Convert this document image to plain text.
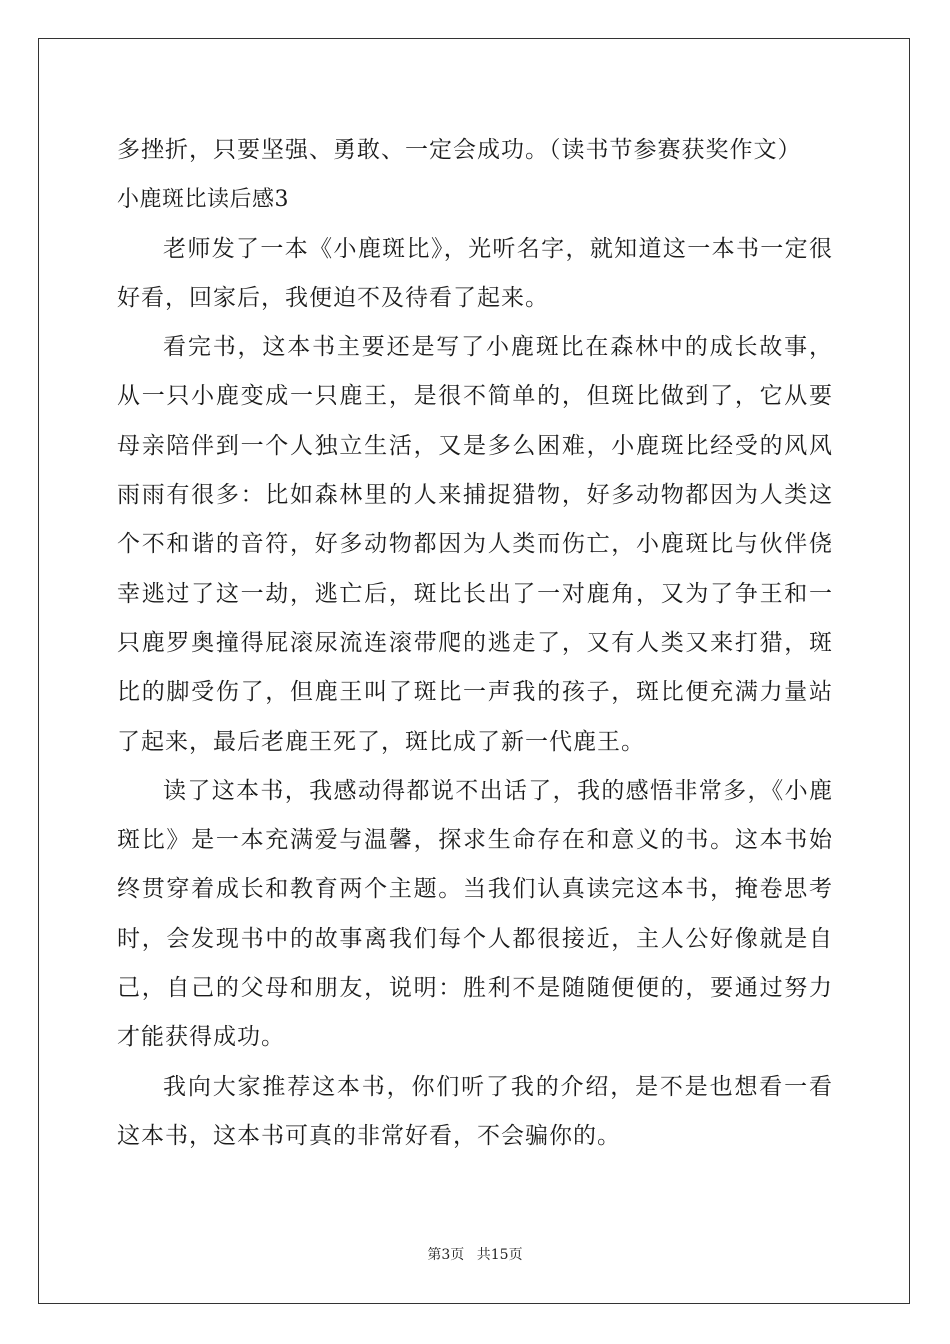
多挫折，只要坚强、勇敢、一定会成功。（读书节参赛获奖作文）

小鹿斑比读后感3

老师发了一本《小鹿斑比》，光听名字，就知道这一本书一定很好看，回家后，我便迫不及待看了起来。

看完书，这本书主要还是写了小鹿斑比在森林中的成长故事，从一只小鹿变成一只鹿王，是很不简单的，但斑比做到了，它从要母亲陪伴到一个人独立生活，又是多么困难，小鹿斑比经受的风风雨雨有很多：比如森林里的人来捕捉猎物，好多动物都因为人类这个不和谐的音符，好多动物都因为人类而伤亡，小鹿斑比与伙伴侥幸逃过了这一劫，逃亡后，斑比长出了一对鹿角，又为了争王和一只鹿罗奥撞得屁滚尿流连滚带爬的逃走了，又有人类又来打猎，斑比的脚受伤了，但鹿王叫了斑比一声我的孩子，斑比便充满力量站了起来，最后老鹿王死了，斑比成了新一代鹿王。

读了这本书，我感动得都说不出话了，我的感悟非常多，《小鹿斑比》是一本充满爱与温馨，探求生命存在和意义的书。这本书始终贯穿着成长和教育两个主题。当我们认真读完这本书，掩卷思考时，会发现书中的故事离我们每个人都很接近，主人公好像就是自己，自己的父母和朋友，说明：胜利不是随随便便的，要通过努力才能获得成功。

我向大家推荐这本书，你们听了我的介绍，是不是也想看一看这本书，这本书可真的非常好看，不会骗你的。

第3页 共15页
